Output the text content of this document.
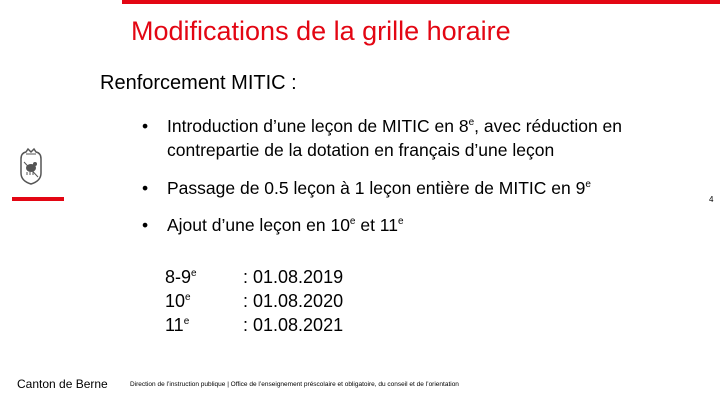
Modifications de la grille horaire
Renforcement MITIC :
• Introduction d’une leçon de MITIC en 8e, avec réduction en
contrepartie de la dotation en français d’une leçon
• Passage de 0.5 leçon à 1 leçon entière de MITIC en 9e
• Ajout d’une leçon en 10e et 11e
8-9e	: 01.08.2019
10e	: 01.08.2020
11e	: 01.08.2021
4
Canton de Berne	Direction de l’instruction publique | Office de l’enseignement préscolaire et obligatoire, du conseil et de l’orientation
